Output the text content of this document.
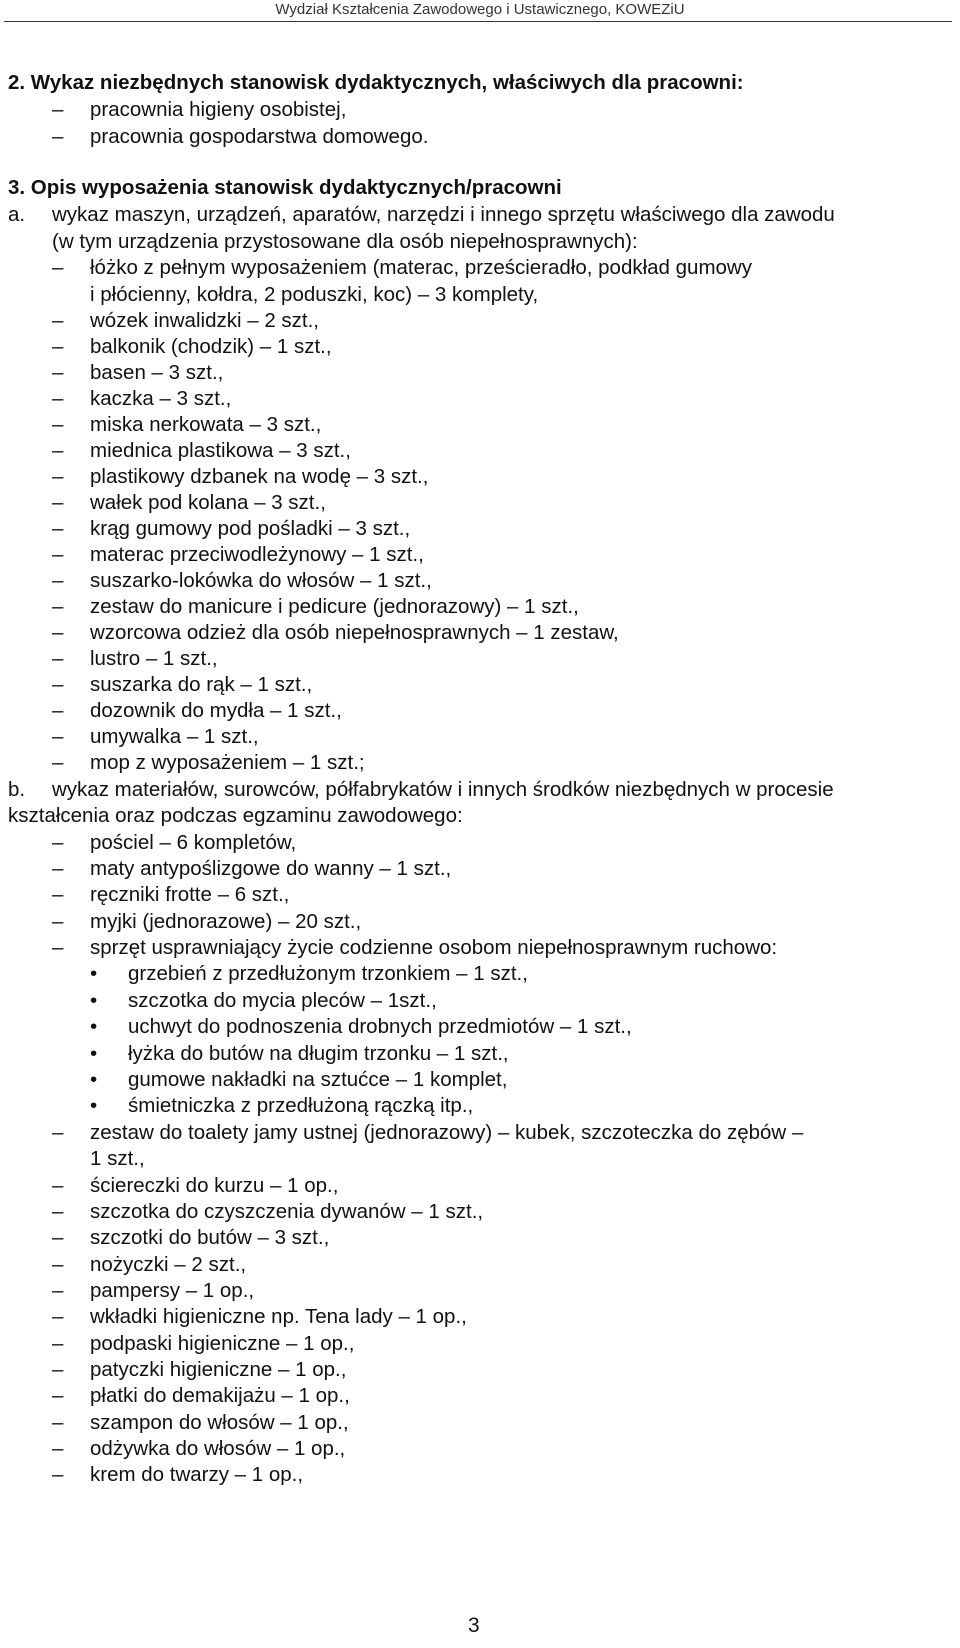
Wydział Kształcenia Zawodowego i Ustawicznego, KOWEZiU
2. Wykaz niezbędnych stanowisk dydaktycznych, właściwych dla pracowni:
– pracownia higieny osobistej,
– pracownia gospodarstwa domowego.
3. Opis wyposażenia stanowisk dydaktycznych/pracowni
a. wykaz maszyn, urządzeń, aparatów, narzędzi i innego sprzętu właściwego dla zawodu
(w tym urządzenia przystosowane dla osób niepełnosprawnych):
– łóżko z pełnym wyposażeniem (materac, prześcieradło, podkład gumowy
i płócienny, kołdra, 2 poduszki, koc) – 3 komplety,
– wózek inwalidzki – 2 szt.,
– balkonik (chodzik) – 1 szt.,
– basen – 3 szt.,
– kaczka – 3 szt.,
– miska nerkowata – 3 szt.,
– miednica plastikowa – 3 szt.,
– plastikowy dzbanek na wodę – 3 szt.,
– wałek pod kolana – 3 szt.,
– krąg gumowy pod pośladki – 3 szt.,
– materac przeciwodleżynowy – 1 szt.,
– suszarko-lokówka do włosów – 1 szt.,
– zestaw do manicure i pedicure (jednorazowy) – 1 szt.,
– wzorcowa odzież dla osób niepełnosprawnych – 1 zestaw,
– lustro – 1 szt.,
– suszarka do rąk – 1 szt.,
– dozownik do mydła – 1 szt.,
– umywalka – 1 szt.,
– mop z wyposażeniem – 1 szt.;
b. wykaz materiałów, surowców, półfabrykatów i innych środków niezbędnych w procesie
kształcenia oraz podczas egzaminu zawodowego:
– pościel – 6 kompletów,
– maty antypoślizgowe do wanny – 1 szt.,
– ręczniki frotte – 6 szt.,
– myjki (jednorazowe) – 20 szt.,
– sprzęt usprawniający życie codzienne osobom niepełnosprawnym ruchowo:
• grzebień z przedłużonym trzonkiem – 1 szt.,
• szczotka do mycia pleców – 1szt.,
• uchwyt do podnoszenia drobnych przedmiotów – 1 szt.,
• łyżka do butów na długim trzonku – 1 szt.,
• gumowe nakładki na sztućce – 1 komplet,
• śmietniczka z przedłużoną rączką itp.,
– zestaw do toalety jamy ustnej (jednorazowy) – kubek, szczoteczka do zębów –
1 szt.,
– ściereczki do kurzu – 1 op.,
– szczotka do czyszczenia dywanów – 1 szt.,
– szczotki do butów – 3 szt.,
– nożyczki – 2 szt.,
– pampersy – 1 op.,
– wkładki higieniczne np. Tena lady – 1 op.,
– podpaski higieniczne – 1 op.,
– patyczki higieniczne – 1 op.,
– płatki do demakijażu – 1 op.,
– szampon do włosów – 1 op.,
– odżywka do włosów – 1 op.,
– krem do twarzy – 1 op.,
3
